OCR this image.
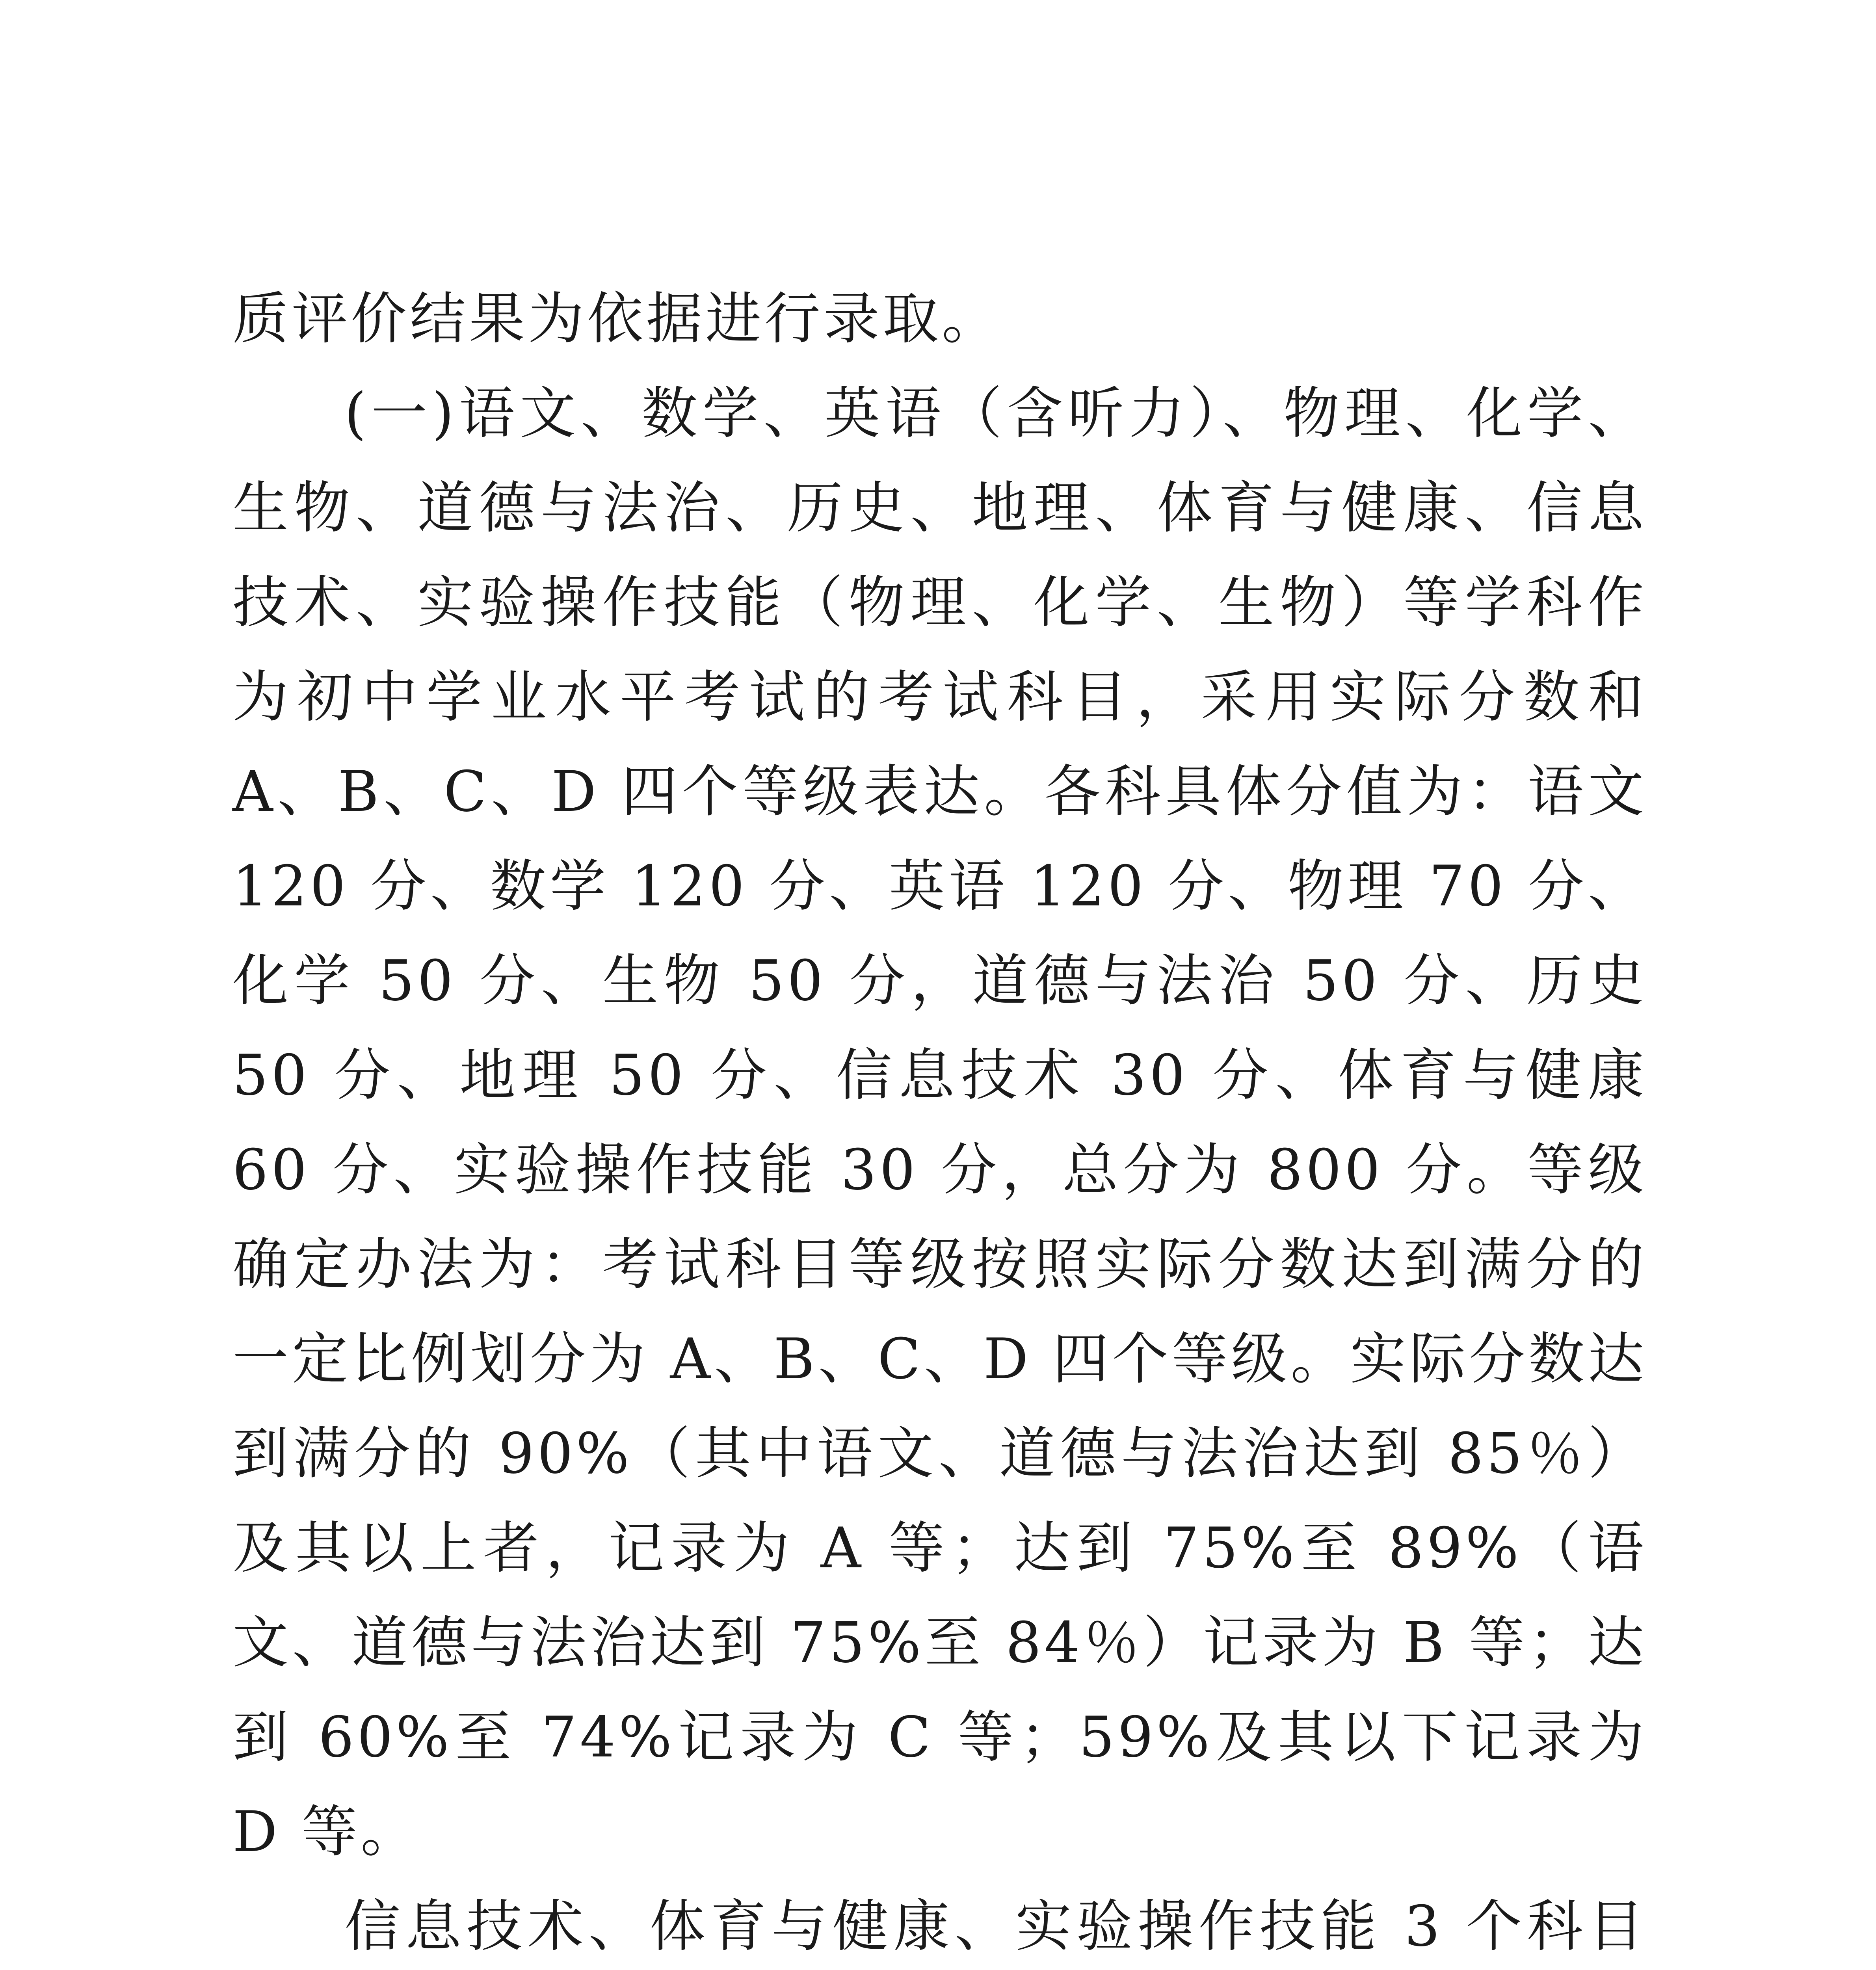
质评价结果为依据进行录取。

(一)语文、数学、英语（含听力）、物理、化学、生物、道德与法治、历史、地理、体育与健康、信息技术、实验操作技能（物理、化学、生物）等学科作为初中学业水平考试的考试科目，采用实际分数和 A、B、C、D 四个等级表达。各科具体分值为：语文 120 分、数学 120 分、英语 120 分、物理 70 分、化学 50 分、生物 50 分，道德与法治 50 分、历史 50 分、地理 50 分、信息技术 30 分、体育与健康 60 分、实验操作技能 30 分，总分为 800 分。等级确定办法为：考试科目等级按照实际分数达到满分的一定比例划分为 A、B、C、D 四个等级。实际分数达到满分的 90%（其中语文、道德与法治达到 85％）及其以上者，记录为 A 等；达到 75%至 89%（语文、道德与法治达到 75%至 84％）记录为 B 等；达到 60%至 74%记录为 C 等；59%及其以下记录为 D 等。

信息技术、体育与健康、实验操作技能 3 个科目
